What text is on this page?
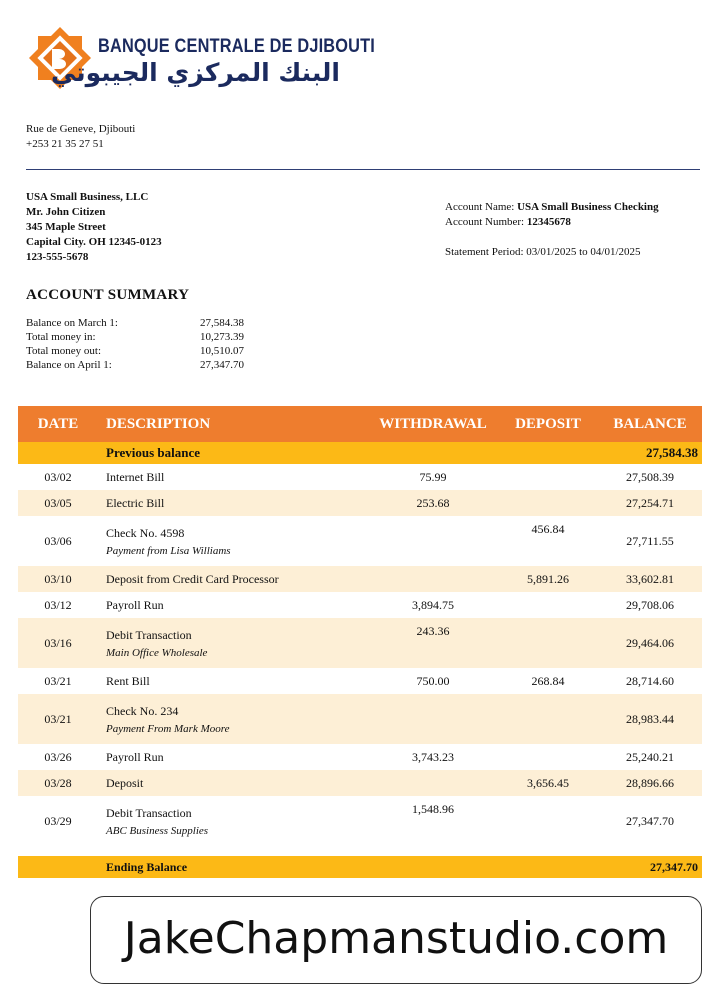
BANQUE CENTRALE DE DJIBOUTI
البنك المركزي الجيبوتي
Rue de Geneve, Djibouti
+253 21 35 27 51
USA Small Business, LLC
Mr. John Citizen
345 Maple Street
Capital City. OH 12345-0123
123-555-5678
Account Name: USA Small Business Checking
Account Number: 12345678
Statement Period: 03/01/2025 to 04/01/2025
ACCOUNT SUMMARY
Balance on March 1:	27,584.38
Total money in:	10,273.39
Total money out:	10,510.07
Balance on April 1:	27,347.70
DATE	DESCRIPTION	WITHDRAWAL	DEPOSIT	BALANCE
	Previous balance			27,584.38
03/02	Internet Bill	75.99		27,508.39
03/05	Electric Bill	253.68		27,254.71
03/06	Check No. 4598
Payment from Lisa Williams		456.84	27,711.55
03/10	Deposit from Credit Card Processor		5,891.26	33,602.81
03/12	Payroll Run	3,894.75		29,708.06
03/16	Debit Transaction
Main Office Wholesale	243.36		29,464.06
03/21	Rent Bill	750.00	268.84	28,714.60
03/21	Check No. 234
Payment From Mark Moore			28,983.44
03/26	Payroll Run	3,743.23		25,240.21
03/28	Deposit		3,656.45	28,896.66
03/29	Debit Transaction
ABC Business Supplies	1,548.96		27,347.70

	Ending Balance			27,347.70
JakeChapmanstudio.com
